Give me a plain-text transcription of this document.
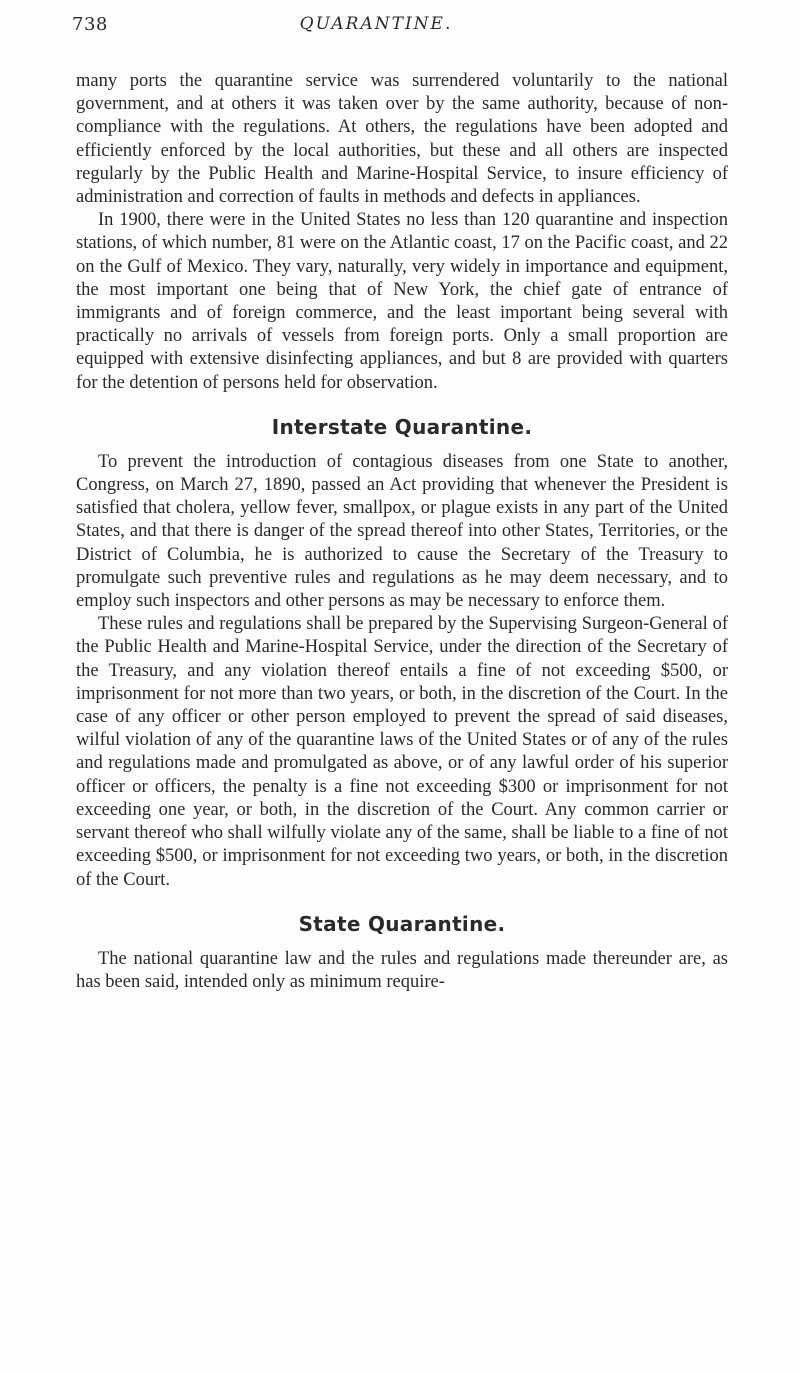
738	QUARANTINE.

many ports the quarantine service was surrendered voluntarily to the national government, and at others it was taken over by the same authority, because of non-compliance with the regulations. At others, the regulations have been adopted and efficiently enforced by the local authorities, but these and all others are inspected regularly by the Public Health and Marine-Hospital Service, to insure efficiency of administration and correction of faults in methods and defects in appliances.

In 1900, there were in the United States no less than 120 quarantine and inspection stations, of which number, 81 were on the Atlantic coast, 17 on the Pacific coast, and 22 on the Gulf of Mexico. They vary, naturally, very widely in importance and equipment, the most important one being that of New York, the chief gate of entrance of immigrants and of foreign commerce, and the least important being several with practically no arrivals of vessels from foreign ports. Only a small proportion are equipped with extensive disinfecting appliances, and but 8 are provided with quarters for the detention of persons held for observation.

Interstate Quarantine.

To prevent the introduction of contagious diseases from one State to another, Congress, on March 27, 1890, passed an Act providing that whenever the President is satisfied that cholera, yellow fever, smallpox, or plague exists in any part of the United States, and that there is danger of the spread thereof into other States, Territories, or the District of Columbia, he is authorized to cause the Secretary of the Treasury to promulgate such preventive rules and regulations as he may deem necessary, and to employ such inspectors and other persons as may be necessary to enforce them.

These rules and regulations shall be prepared by the Supervising Surgeon-General of the Public Health and Marine-Hospital Service, under the direction of the Secretary of the Treasury, and any violation thereof entails a fine of not exceeding $500, or imprisonment for not more than two years, or both, in the discretion of the Court. In the case of any officer or other person employed to prevent the spread of said diseases, wilful violation of any of the quarantine laws of the United States or of any of the rules and regulations made and promulgated as above, or of any lawful order of his superior officer or officers, the penalty is a fine not exceeding $300 or imprisonment for not exceeding one year, or both, in the discretion of the Court. Any common carrier or servant thereof who shall wilfully violate any of the same, shall be liable to a fine of not exceeding $500, or imprisonment for not exceeding two years, or both, in the discretion of the Court.

State Quarantine.

The national quarantine law and the rules and regulations made thereunder are, as has been said, intended only as minimum require-
